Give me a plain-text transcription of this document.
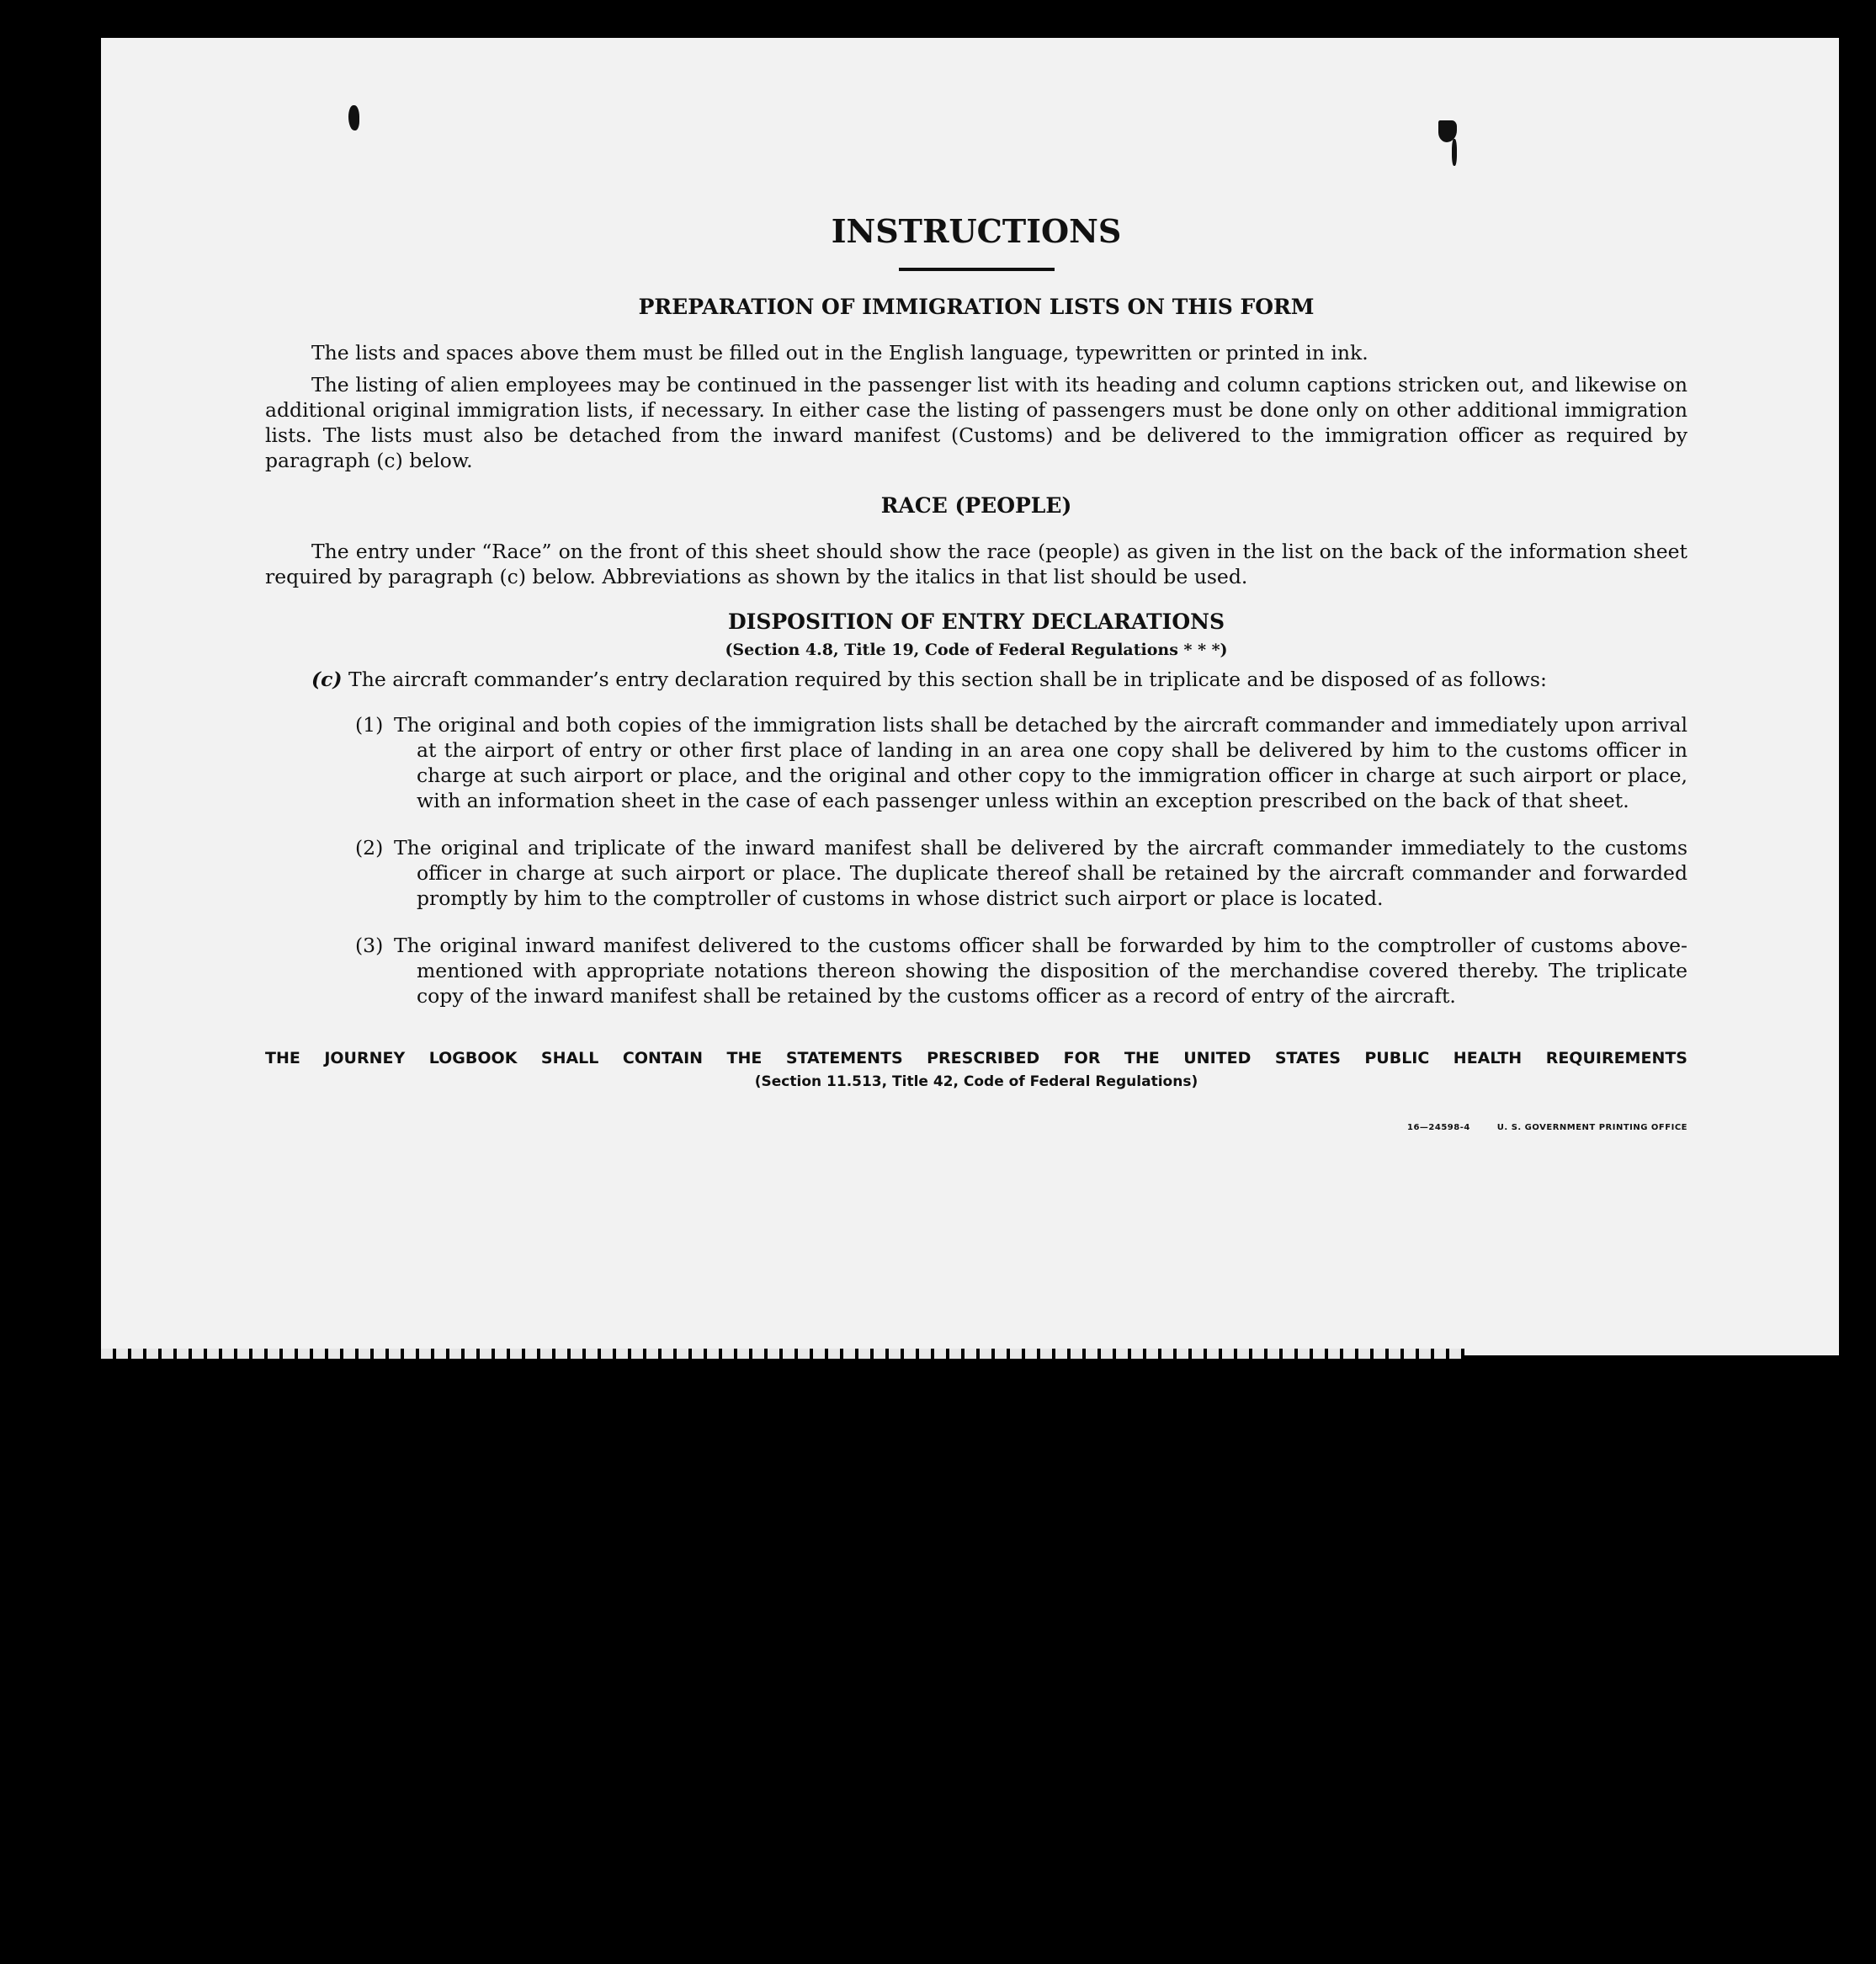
INSTRUCTIONS
PREPARATION OF IMMIGRATION LISTS ON THIS FORM

The lists and spaces above them must be filled out in the English language, typewritten or printed in ink.

The listing of alien employees may be continued in the passenger list with its heading and column captions stricken out, and likewise on additional original immigration lists, if necessary. In either case the listing of passengers must be done only on other additional immigration lists. The lists must also be detached from the inward manifest (Customs) and be delivered to the immigration officer as required by paragraph (c) below.

RACE (PEOPLE)

The entry under “Race” on the front of this sheet should show the race (people) as given in the list on the back of the information sheet required by paragraph (c) below. Abbreviations as shown by the italics in that list should be used.

DISPOSITION OF ENTRY DECLARATIONS

(Section 4.8, Title 19, Code of Federal Regulations * * *)

(c) The aircraft commander’s entry declaration required by this section shall be in triplicate and be disposed of as follows:

(1) The original and both copies of the immigration lists shall be detached by the aircraft commander and immediately upon arrival at the airport of entry or other first place of landing in an area one copy shall be delivered by him to the customs officer in charge at such airport or place, and the original and other copy to the immigration officer in charge at such airport or place, with an information sheet in the case of each passenger unless within an exception prescribed on the back of that sheet.
(2) The original and triplicate of the inward manifest shall be delivered by the aircraft commander immediately to the customs officer in charge at such airport or place. The duplicate thereof shall be retained by the aircraft commander and forwarded promptly by him to the comptroller of customs in whose district such airport or place is located.
(3) The original inward manifest delivered to the customs officer shall be forwarded by him to the comptroller of customs above-mentioned with appropriate notations thereon showing the disposition of the merchandise covered thereby. The triplicate copy of the inward manifest shall be retained by the customs officer as a record of entry of the aircraft.

THE JOURNEY LOGBOOK SHALL CONTAIN THE STATEMENTS PRESCRIBED FOR THE UNITED STATES PUBLIC HEALTH REQUIREMENTS

(Section 11.513, Title 42, Code of Federal Regulations)

16—24598-4	U. S. GOVERNMENT PRINTING OFFICE
